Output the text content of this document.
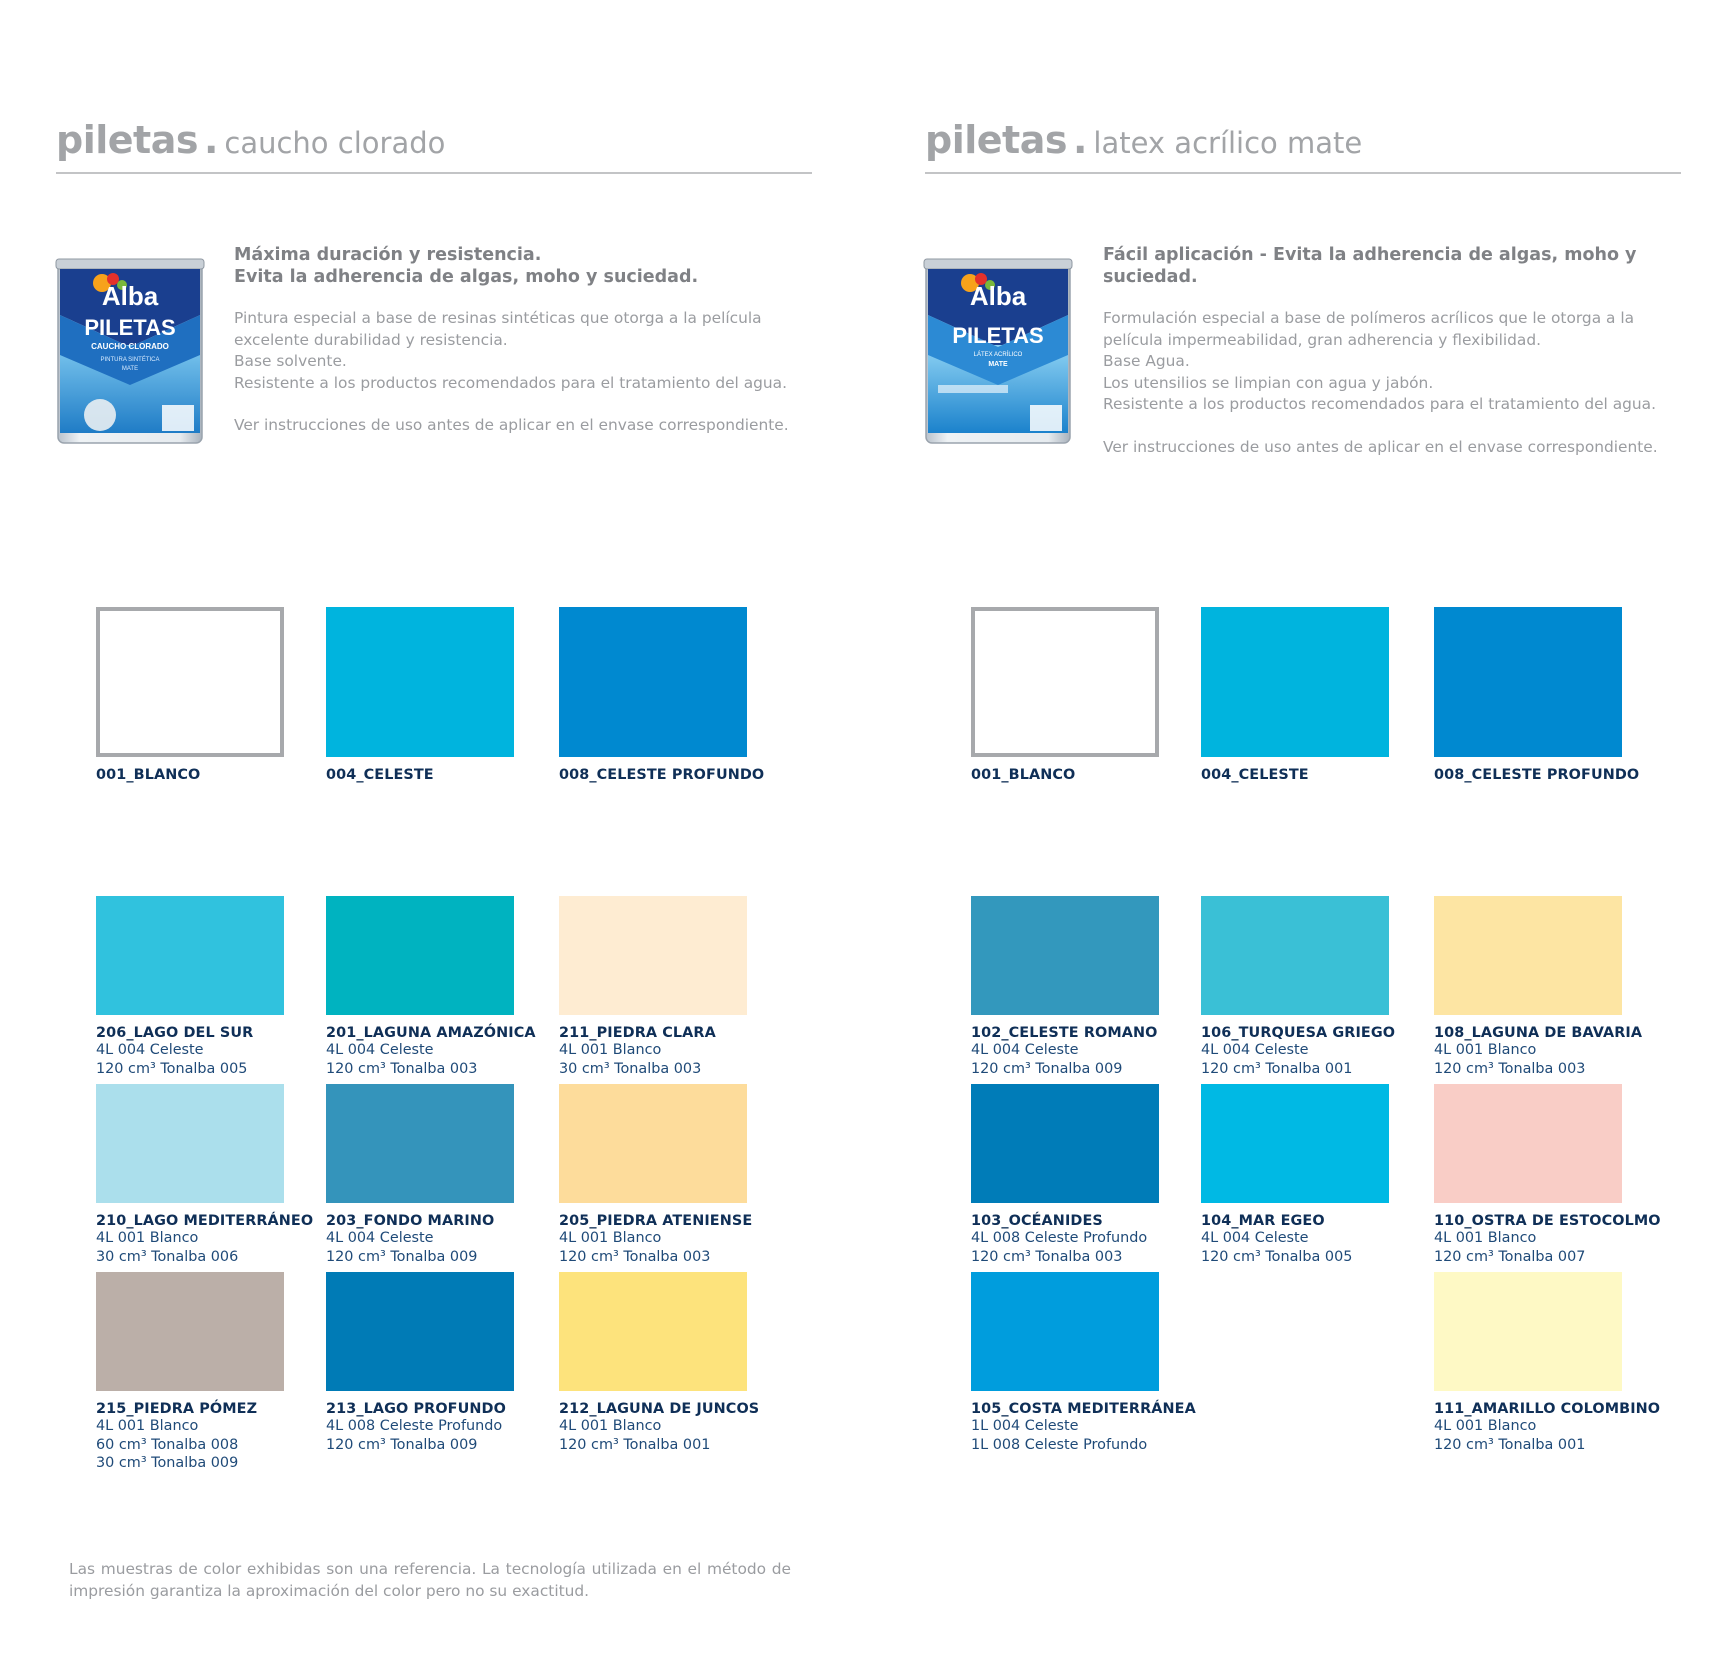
piletas . caucho clorado
Alba
PILETAS
CAUCHO CLORADO
PINTURA SINTÉTICA
MATE
Máxima duración y resistencia.
Evita la adherencia de algas, moho y suciedad.
Pintura especial a base de resinas sintéticas que otorga a la película
excelente durabilidad y resistencia.
Base solvente.
Resistente a los productos recomendados para el tratamiento del agua.
Ver instrucciones de uso antes de aplicar en el envase correspondiente.
piletas . latex acrílico mate
Alba
PILETAS
LÁTEX ACRÍLICO
MATE
Fácil aplicación - Evita la adherencia de algas, moho y suciedad.
Formulación especial a base de polímeros acrílicos que le otorga a la
película impermeabilidad, gran adherencia y flexibilidad.
Base Agua.
Los utensilios se limpian con agua y jabón.
Resistente a los productos recomendados para el tratamiento del agua.
Ver instrucciones de uso antes de aplicar en el envase correspondiente.
001_BLANCO	004_CELESTE	008_CELESTE PROFUNDO
206_LAGO DEL SUR
4L 004 Celeste
120 cm³ Tonalba 005
201_LAGUNA AMAZÓNICA
4L 004 Celeste
120 cm³ Tonalba 003
211_PIEDRA CLARA
4L 001 Blanco
30 cm³ Tonalba 003
210_LAGO MEDITERRÁNEO
4L 001 Blanco
30 cm³ Tonalba 006
203_FONDO MARINO
4L 004 Celeste
120 cm³ Tonalba 009
205_PIEDRA ATENIENSE
4L 001 Blanco
120 cm³ Tonalba 003
215_PIEDRA PÓMEZ
4L 001 Blanco
60 cm³ Tonalba 008
30 cm³ Tonalba 009
213_LAGO PROFUNDO
4L 008 Celeste Profundo
120 cm³ Tonalba 009
212_LAGUNA DE JUNCOS
4L 001 Blanco
120 cm³ Tonalba 001
001_BLANCO	004_CELESTE	008_CELESTE PROFUNDO
102_CELESTE ROMANO
4L 004 Celeste
120 cm³ Tonalba 009
106_TURQUESA GRIEGO
4L 004 Celeste
120 cm³ Tonalba 001
108_LAGUNA DE BAVARIA
4L 001 Blanco
120 cm³ Tonalba 003
103_OCÉANIDES
4L 008 Celeste Profundo
120 cm³ Tonalba 003
104_MAR EGEO
4L 004 Celeste
120 cm³ Tonalba 005
110_OSTRA DE ESTOCOLMO
4L 001 Blanco
120 cm³ Tonalba 007
105_COSTA MEDITERRÁNEA
1L 004 Celeste
1L 008 Celeste Profundo
111_AMARILLO COLOMBINO
4L 001 Blanco
120 cm³ Tonalba 001
Las muestras de color exhibidas son una referencia. La tecnología utilizada en el método de impresión garantiza la aproximación del color pero no su exactitud.
